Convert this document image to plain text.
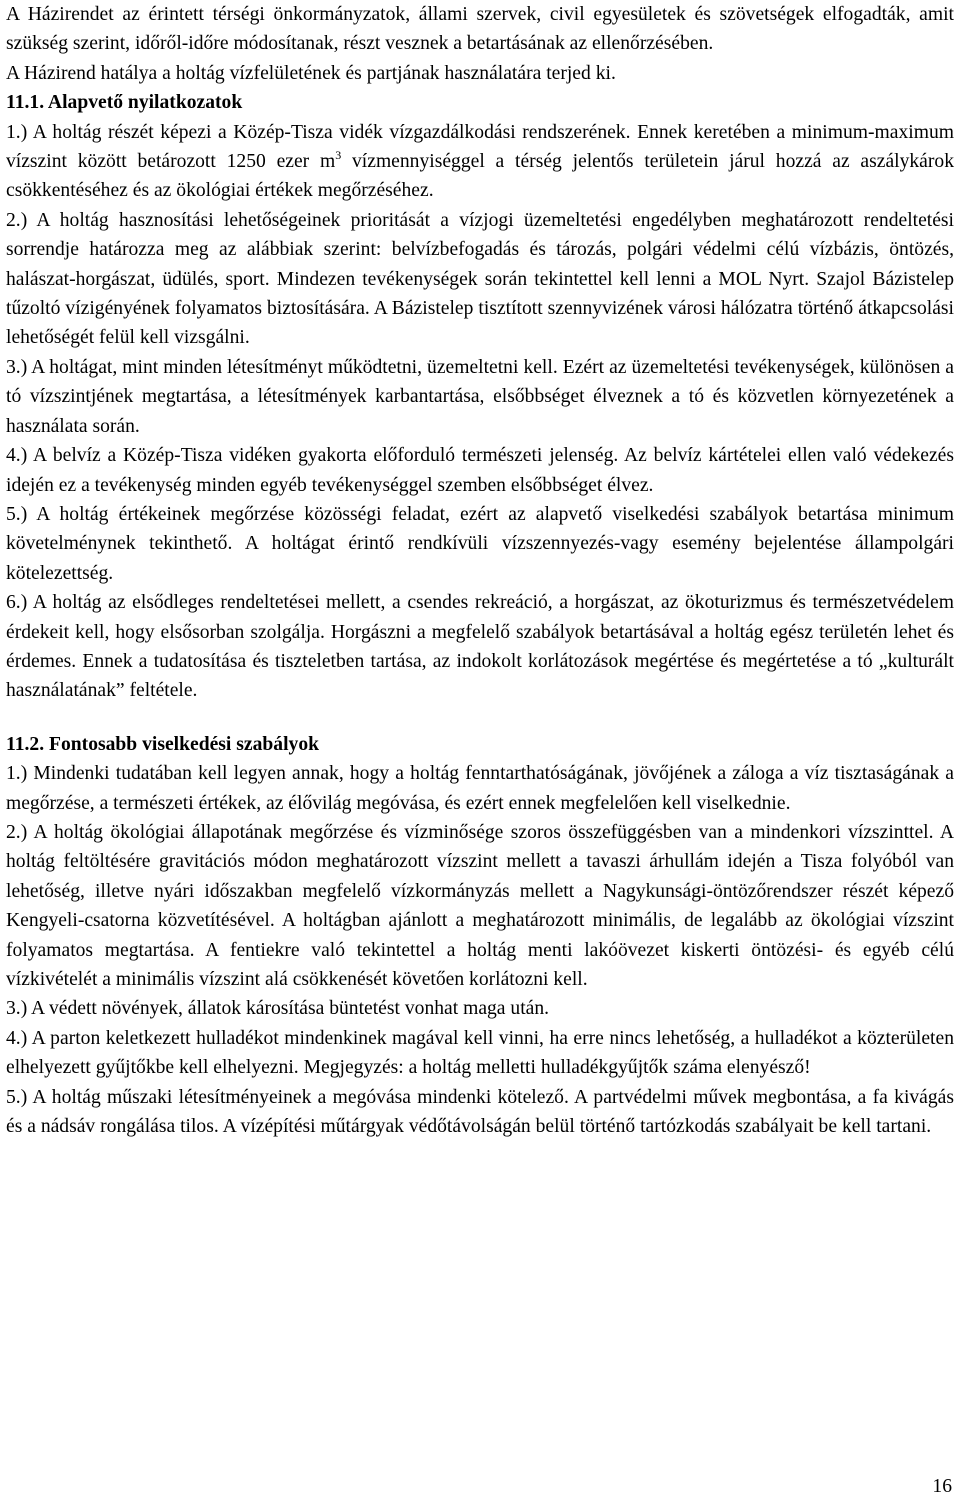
A Házirendet az érintett térségi önkormányzatok, állami szervek, civil egyesületek és szövetségek elfogadták, amit szükség szerint, időről-időre módosítanak, részt vesznek a betartásának az ellenőrzésében.

A Házirend hatálya a holtág vízfelületének és partjának használatára terjed ki.

11.1. Alapvető nyilatkozatok

1.) A holtág részét képezi a Közép-Tisza vidék vízgazdálkodási rendszerének. Ennek keretében a minimum-maximum vízszint között betározott 1250 ezer $m^3$ vízmennyiséggel a térség jelentős területein járul hozzá az aszálykárok csökkentéséhez és az ökológiai értékek megőrzéséhez.

2.) A holtág hasznosítási lehetőségeinek prioritását a vízjogi üzemeltetési engedélyben meghatározott rendeltetési sorrendje határozza meg az alábbiak szerint: belvízbefogadás és tározás, polgári védelmi célú vízbázis, öntözés, halászat-horgászat, üdülés, sport. Mindezen tevékenységek során tekintettel kell lenni a MOL Nyrt. Szajol Bázistelep tűzoltó vízigényének folyamatos biztosítására. A Bázistelep tisztított szennyvizének városi hálózatra történő átkapcsolási lehetőségét felül kell vizsgálni.

3.) A holtágat, mint minden létesítményt működtetni, üzemeltetni kell. Ezért az üzemeltetési tevékenységek, különösen a tó vízszintjének megtartása, a létesítmények karbantartása, elsőbbséget élveznek a tó és közvetlen környezetének a használata során.

4.) A belvíz a Közép-Tisza vidéken gyakorta előforduló természeti jelenség. Az belvíz kártételei ellen való védekezés idején ez a tevékenység minden egyéb tevékenységgel szemben elsőbbséget élvez.

5.) A holtág értékeinek megőrzése közösségi feladat, ezért az alapvető viselkedési szabályok betartása minimum követelménynek tekinthető. A holtágat érintő rendkívüli vízszennyezés-vagy esemény bejelentése állampolgári kötelezettség.

6.) A holtág az elsődleges rendeltetései mellett, a csendes rekreáció, a horgászat, az ökoturizmus és természetvédelem érdekeit kell, hogy elsősorban szolgálja. Horgászni a megfelelő szabályok betartásával a holtág egész területén lehet és érdemes. Ennek a tudatosítása és tiszteletben tartása, az indokolt korlátozások megértése és megértetése a tó „kulturált használatának” feltétele.

11.2. Fontosabb viselkedési szabályok

1.) Mindenki tudatában kell legyen annak, hogy a holtág fenntarthatóságának, jövőjének a záloga a víz tisztaságának a megőrzése, a természeti értékek, az élővilág megóvása, és ezért ennek megfelelően kell viselkednie.

2.) A holtág ökológiai állapotának megőrzése és vízminősége szoros összefüggésben van a mindenkori vízszinttel. A holtág feltöltésére gravitációs módon meghatározott vízszint mellett a tavaszi árhullám idején a Tisza folyóból van lehetőség, illetve nyári időszakban megfelelő vízkormányzás mellett a Nagykunsági-öntözőrendszer részét képező Kengyeli-csatorna közvetítésével. A holtágban ajánlott a meghatározott minimális, de legalább az ökológiai vízszint folyamatos megtartása. A fentiekre való tekintettel a holtág menti lakóövezet kiskerti öntözési- és egyéb célú vízkivételét a minimális vízszint alá csökkenését követően korlátozni kell.

3.) A védett növények, állatok károsítása büntetést vonhat maga után.

4.) A parton keletkezett hulladékot mindenkinek magával kell vinni, ha erre nincs lehetőség, a hulladékot a közterületen elhelyezett gyűjtőkbe kell elhelyezni. Megjegyzés: a holtág melletti hulladékgyűjtők száma elenyésző!

5.) A holtág műszaki létesítményeinek a megóvása mindenki kötelező. A partvédelmi művek megbontása, a fa kivágás és a nádsáv rongálása tilos. A vízépítési műtárgyak védőtávolságán belül történő tartózkodás szabályait be kell tartani.

16
